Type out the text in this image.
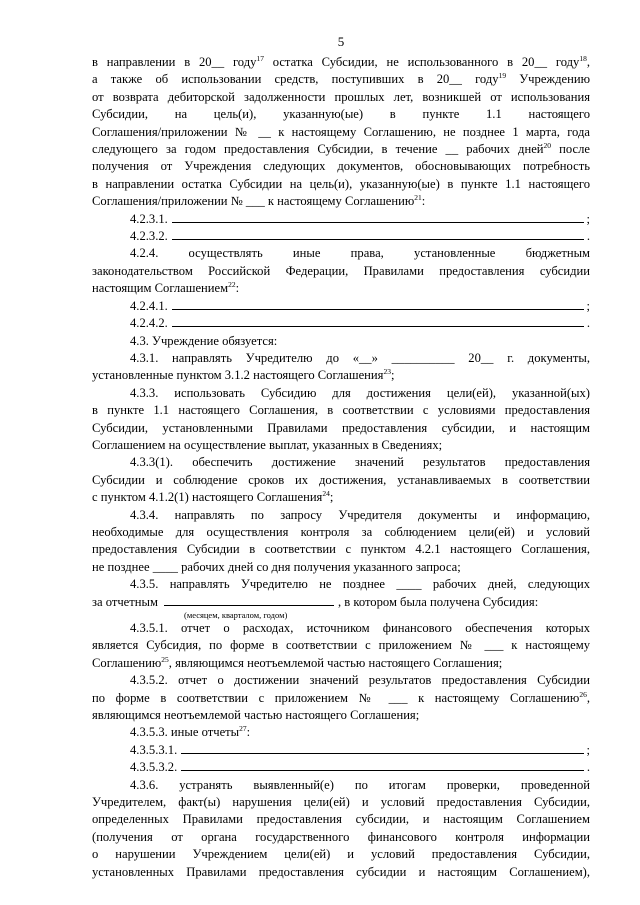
5
в направлении в 20__ году$^{17}$ остатка Субсидии, не использованного в 20__ году$^{18}$,
а также об использовании средств, поступивших в 20__ году$^{19}$ Учреждению
от возврата дебиторской задолженности прошлых лет, возникшей от использования
Субсидии, на цель(и), указанную(ые) в пункте 1.1 настоящего
Соглашения/приложении № __ к настоящему Соглашению, не позднее 1 марта, года
следующего за годом предоставления Субсидии, в течение __ рабочих дней$^{20}$ после
получения от Учреждения следующих документов, обосновывающих потребность
в направлении остатка Субсидии на цель(и), указанную(ые) в пункте 1.1 настоящего
Соглашения/приложении № ___ к настоящему Соглашению$^{21}$:
4.2.3.1.	;
4.2.3.2.	.
4.2.4. осуществлять иные права, установленные бюджетным
законодательством Российской Федерации, Правилами предоставления субсидии
настоящим Соглашением$^{22}$:
4.2.4.1.	;
4.2.4.2.	.
4.3. Учреждение обязуется:
4.3.1. направлять Учредителю до «__» __________ 20__ г. документы,
установленные пунктом 3.1.2 настоящего Соглашения$^{23}$;
4.3.3. использовать Субсидию для достижения цели(ей), указанной(ых)
в пункте 1.1 настоящего Соглашения, в соответствии с условиями предоставления
Субсидии, установленными Правилами предоставления субсидии, и настоящим
Соглашением на осуществление выплат, указанных в Сведениях;
4.3.3(1). обеспечить достижение значений результатов предоставления
Субсидии и соблюдение сроков их достижения, устанавливаемых в соответствии
с пунктом 4.1.2(1) настоящего Соглашения$^{24}$;
4.3.4. направлять по запросу Учредителя документы и информацию,
необходимые для осуществления контроля за соблюдением цели(ей) и условий
предоставления Субсидии в соответствии с пунктом 4.2.1 настоящего Соглашения,
не позднее ____ рабочих дней со дня получения указанного запроса;
4.3.5. направлять Учредителю не позднее ____ рабочих дней, следующих
за отчетным	, в котором была получена Субсидия:
(месяцем, кварталом, годом)
4.3.5.1. отчет о расходах, источником финансового обеспечения которых
является Субсидия, по форме в соответствии с приложением № ___ к настоящему
Соглашению$^{25}$, являющимся неотъемлемой частью настоящего Соглашения;
4.3.5.2. отчет о достижении значений результатов предоставления Субсидии
по форме в соответствии с приложением № ___ к настоящему Соглашению$^{26}$,
являющимся неотъемлемой частью настоящего Соглашения;
4.3.5.3. иные отчеты$^{27}$:
4.3.5.3.1.	;
4.3.5.3.2.	.
4.3.6. устранять выявленный(е) по итогам проверки, проведенной
Учредителем, факт(ы) нарушения цели(ей) и условий предоставления Субсидии,
определенных Правилами предоставления субсидии, и настоящим Соглашением
(получения от органа государственного финансового контроля информации
о нарушении Учреждением цели(ей) и условий предоставления Субсидии,
установленных Правилами предоставления субсидии и настоящим Соглашением),
